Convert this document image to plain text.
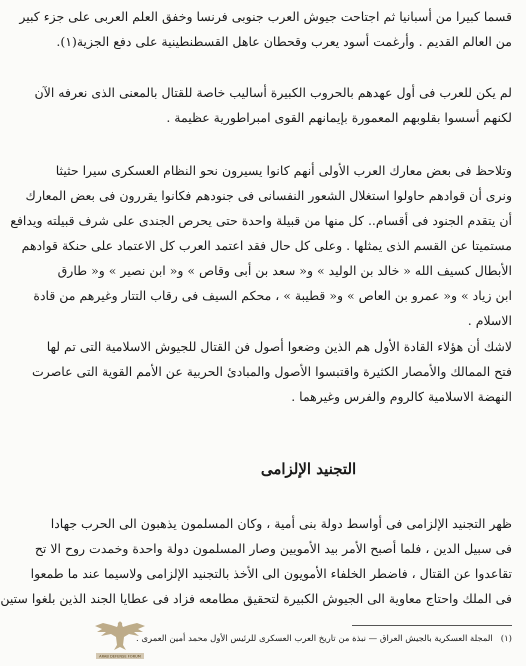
قسما كبيرا من أسبانيا ثم اجتاحت جيوش العرب جنوبى فرنسا وخفق العلم العربى على جزء كبير
من العالم القديم . وأرغمت أسود يعرب وقحطان عاهل القسطنطينية على دفع الجزية(١).
لم يكن للعرب فى أول عهدهم بالحروب الكبيرة أساليب خاصة للقتال بالمعنى الذى نعرفه الآن
لكنهم أسسوا بقلوبهم المعمورة بإيمانهم القوى امبراطورية عظيمة .
وتلاحظ فى بعض معارك العرب الأولى أنهم كانوا يسيرون نحو النظام العسكرى سيرا حثيثا
ونرى أن قوادهم حاولوا استغلال الشعور النفسانى فى جنودهم فكانوا يقررون فى بعض المعارك
أن يتقدم الجنود فى أقسام.. كل منها من قبيلة واحدة حتى يحرص الجندى على شرف قبيلته ويدافع
مستميتا عن القسم الذى يمثلها . وعلى كل حال فقد اعتمد العرب كل الاعتماد على حنكة قوادهم
الأبطال كسيف الله « خالد بن الوليد » و« سعد بن أبى وقاص » و« ابن نصير » و« طارق
ابن زياد » و« عمرو بن العاص » و« قطيبة » ، محكم السيف فى رقاب التتار وغيرهم من قادة
الاسلام .
لاشك أن هؤلاء القادة الأول هم الذين وضعوا أصول فن القتال للجيوش الاسلامية التى تم لها
فتح الممالك والأمصار الكثيرة واقتبسوا الأصول والمبادئ الحربية عن الأمم القوية التى عاصرت
النهضة الاسلامية كالروم والفرس وغيرهما .
التجنيد الإلزامى
ظهر التجنيد الإلزامى فى أواسط دولة بنى أمية ، وكان المسلمون يذهبون الى الحرب جهادا
فى سبيل الدين ، فلما أصبح الأمر بيد الأمويين وصار المسلمون دولة واحدة وخمدت روح الا تح
تقاعدوا عن القتال ، فاضطر الخلفاء الأمويون الى الأخذ بالتجنيد الإلزامى ولاسيما عند ما طمعوا
فى الملك واحتاج معاوية الى الجيوش الكبيرة لتحقيق مطامعه فزاد فى عطايا الجند الذين بلغوا ستين

(١)المجلة العسكرية بالجيش العراق — نبذة من تاريخ العرب العسكرى للرئيس الأول محمد أمين العمرى .

ARAB DEFENSE FORUM
